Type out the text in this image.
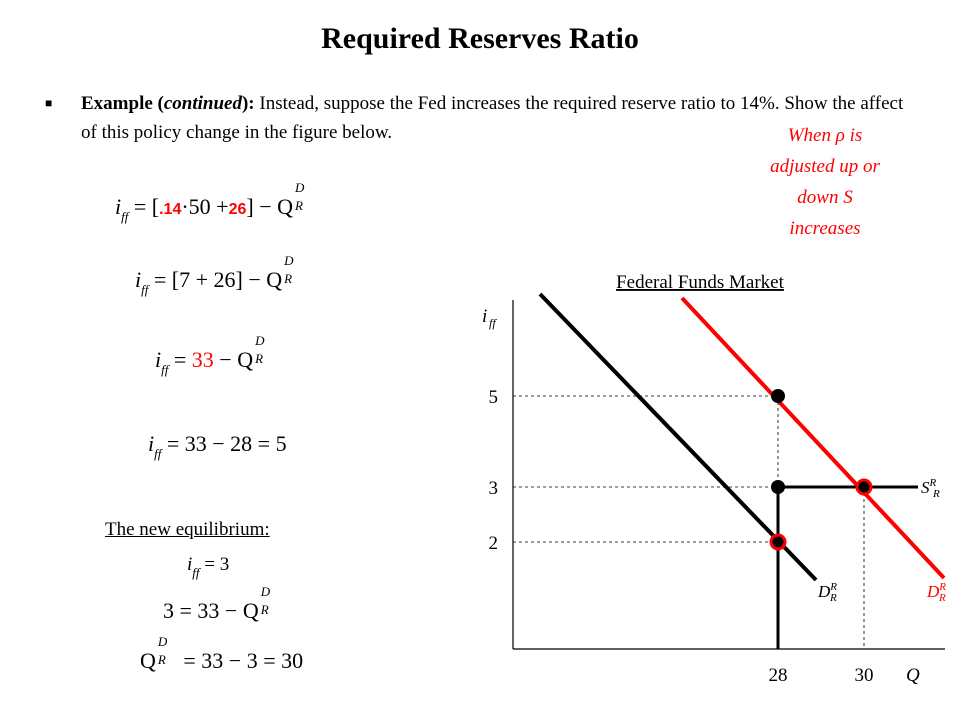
Required Reserves Ratio
■ Example (continued): Instead, suppose the Fed increases the required reserve ratio to 14%. Show the affect of this policy change in the figure below.	When ρ is
adjusted up or
down S
increases
$i_{ff} = [.14\cdot 50 +26] - Q$
D
R
$i_{ff} = [7 + 26] - Q$
D
R
$i_{ff} = 33 - Q$
D
R
$i_{ff} = 33 - 28 = 5$
The new equilibrium:
$i_{ff} = 3$
3 = 33 − Q
D
R
Q
D
R = 33 − 3 = 30
Federal Funds Market
i ff
Q
2
3
5
28	30
$S^R$
R
$D^R$
R	$D^R$
R
